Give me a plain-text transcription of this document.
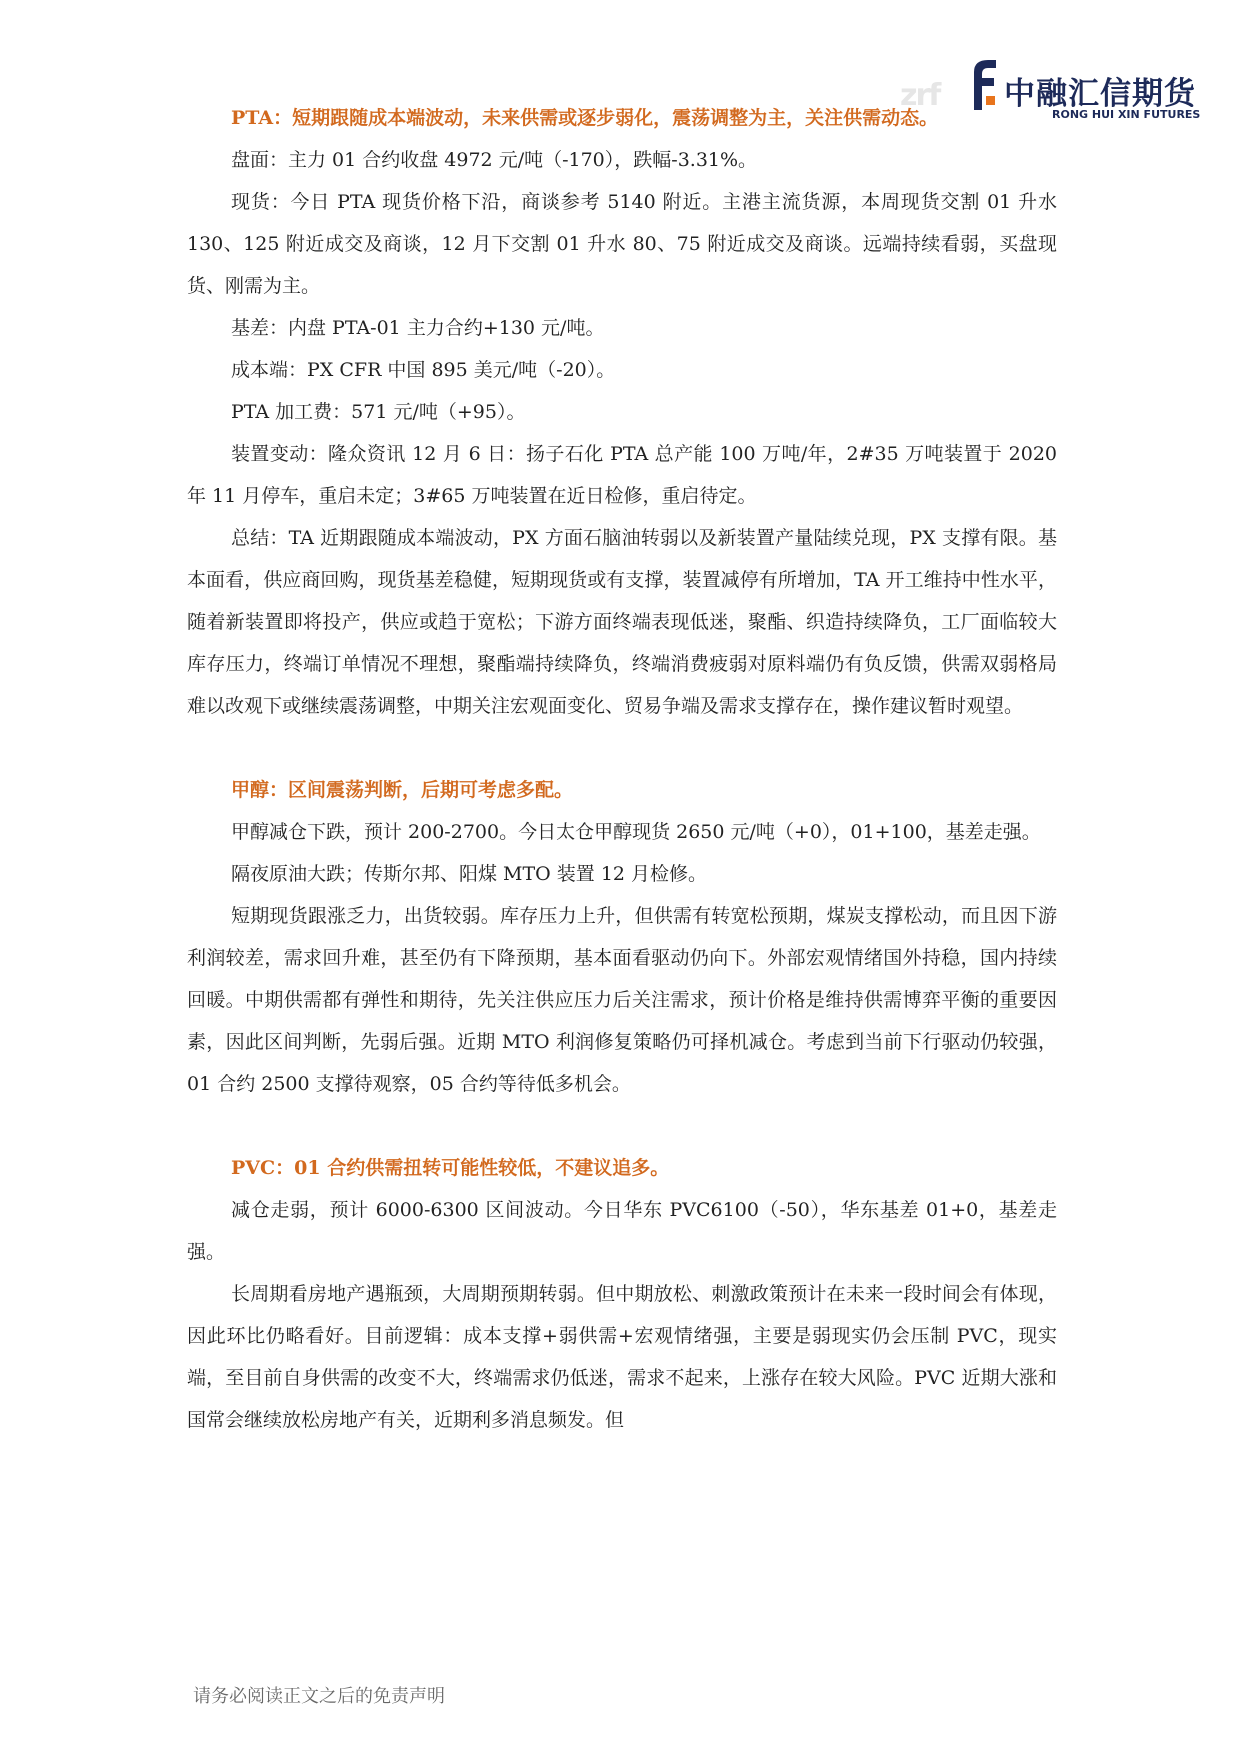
zrf 中融汇信期货
RONG HUI XIN FUTURES

PTA：短期跟随成本端波动，未来供需或逐步弱化，震荡调整为主，关注供需动态。

盘面：主力 01 合约收盘 4972 元/吨（-170），跌幅-3.31%。

现货：今日 PTA 现货价格下沿，商谈参考 5140 附近。主港主流货源，本周现货交割 01 升水 130、125 附近成交及商谈，12 月下交割 01 升水 80、75 附近成交及商谈。远端持续看弱，买盘现货、刚需为主。

基差：内盘 PTA-01 主力合约+130 元/吨。

成本端：PX CFR 中国 895 美元/吨（-20）。

PTA 加工费：571 元/吨（+95）。

装置变动：隆众资讯 12 月 6 日：扬子石化 PTA 总产能 100 万吨/年，2#35 万吨装置于 2020 年 11 月停车，重启未定；3#65 万吨装置在近日检修，重启待定。

总结：TA 近期跟随成本端波动，PX 方面石脑油转弱以及新装置产量陆续兑现，PX 支撑有限。基本面看，供应商回购，现货基差稳健，短期现货或有支撑，装置减停有所增加，TA 开工维持中性水平，随着新装置即将投产，供应或趋于宽松；下游方面终端表现低迷，聚酯、织造持续降负，工厂面临较大库存压力，终端订单情况不理想，聚酯端持续降负，终端消费疲弱对原料端仍有负反馈，供需双弱格局难以改观下或继续震荡调整，中期关注宏观面变化、贸易争端及需求支撑存在，操作建议暂时观望。

甲醇：区间震荡判断，后期可考虑多配。

甲醇减仓下跌，预计 200-2700。今日太仓甲醇现货 2650 元/吨（+0），01+100，基差走强。

隔夜原油大跌；传斯尔邦、阳煤 MTO 装置 12 月检修。

短期现货跟涨乏力，出货较弱。库存压力上升，但供需有转宽松预期，煤炭支撑松动，而且因下游利润较差，需求回升难，甚至仍有下降预期，基本面看驱动仍向下。外部宏观情绪国外持稳，国内持续回暖。中期供需都有弹性和期待，先关注供应压力后关注需求，预计价格是维持供需博弈平衡的重要因素，因此区间判断，先弱后强。近期 MTO 利润修复策略仍可择机减仓。考虑到当前下行驱动仍较强，01 合约 2500 支撑待观察，05 合约等待低多机会。

PVC：01 合约供需扭转可能性较低，不建议追多。

减仓走弱，预计 6000-6300 区间波动。今日华东 PVC6100（-50），华东基差 01+0，基差走强。

长周期看房地产遇瓶颈，大周期预期转弱。但中期放松、刺激政策预计在未来一段时间会有体现，因此环比仍略看好。目前逻辑：成本支撑+弱供需+宏观情绪强，主要是弱现实仍会压制 PVC，现实端，至目前自身供需的改变不大，终端需求仍低迷，需求不起来，上涨存在较大风险。PVC 近期大涨和国常会继续放松房地产有关，近期利多消息频发。但

请务必阅读正文之后的免责声明
